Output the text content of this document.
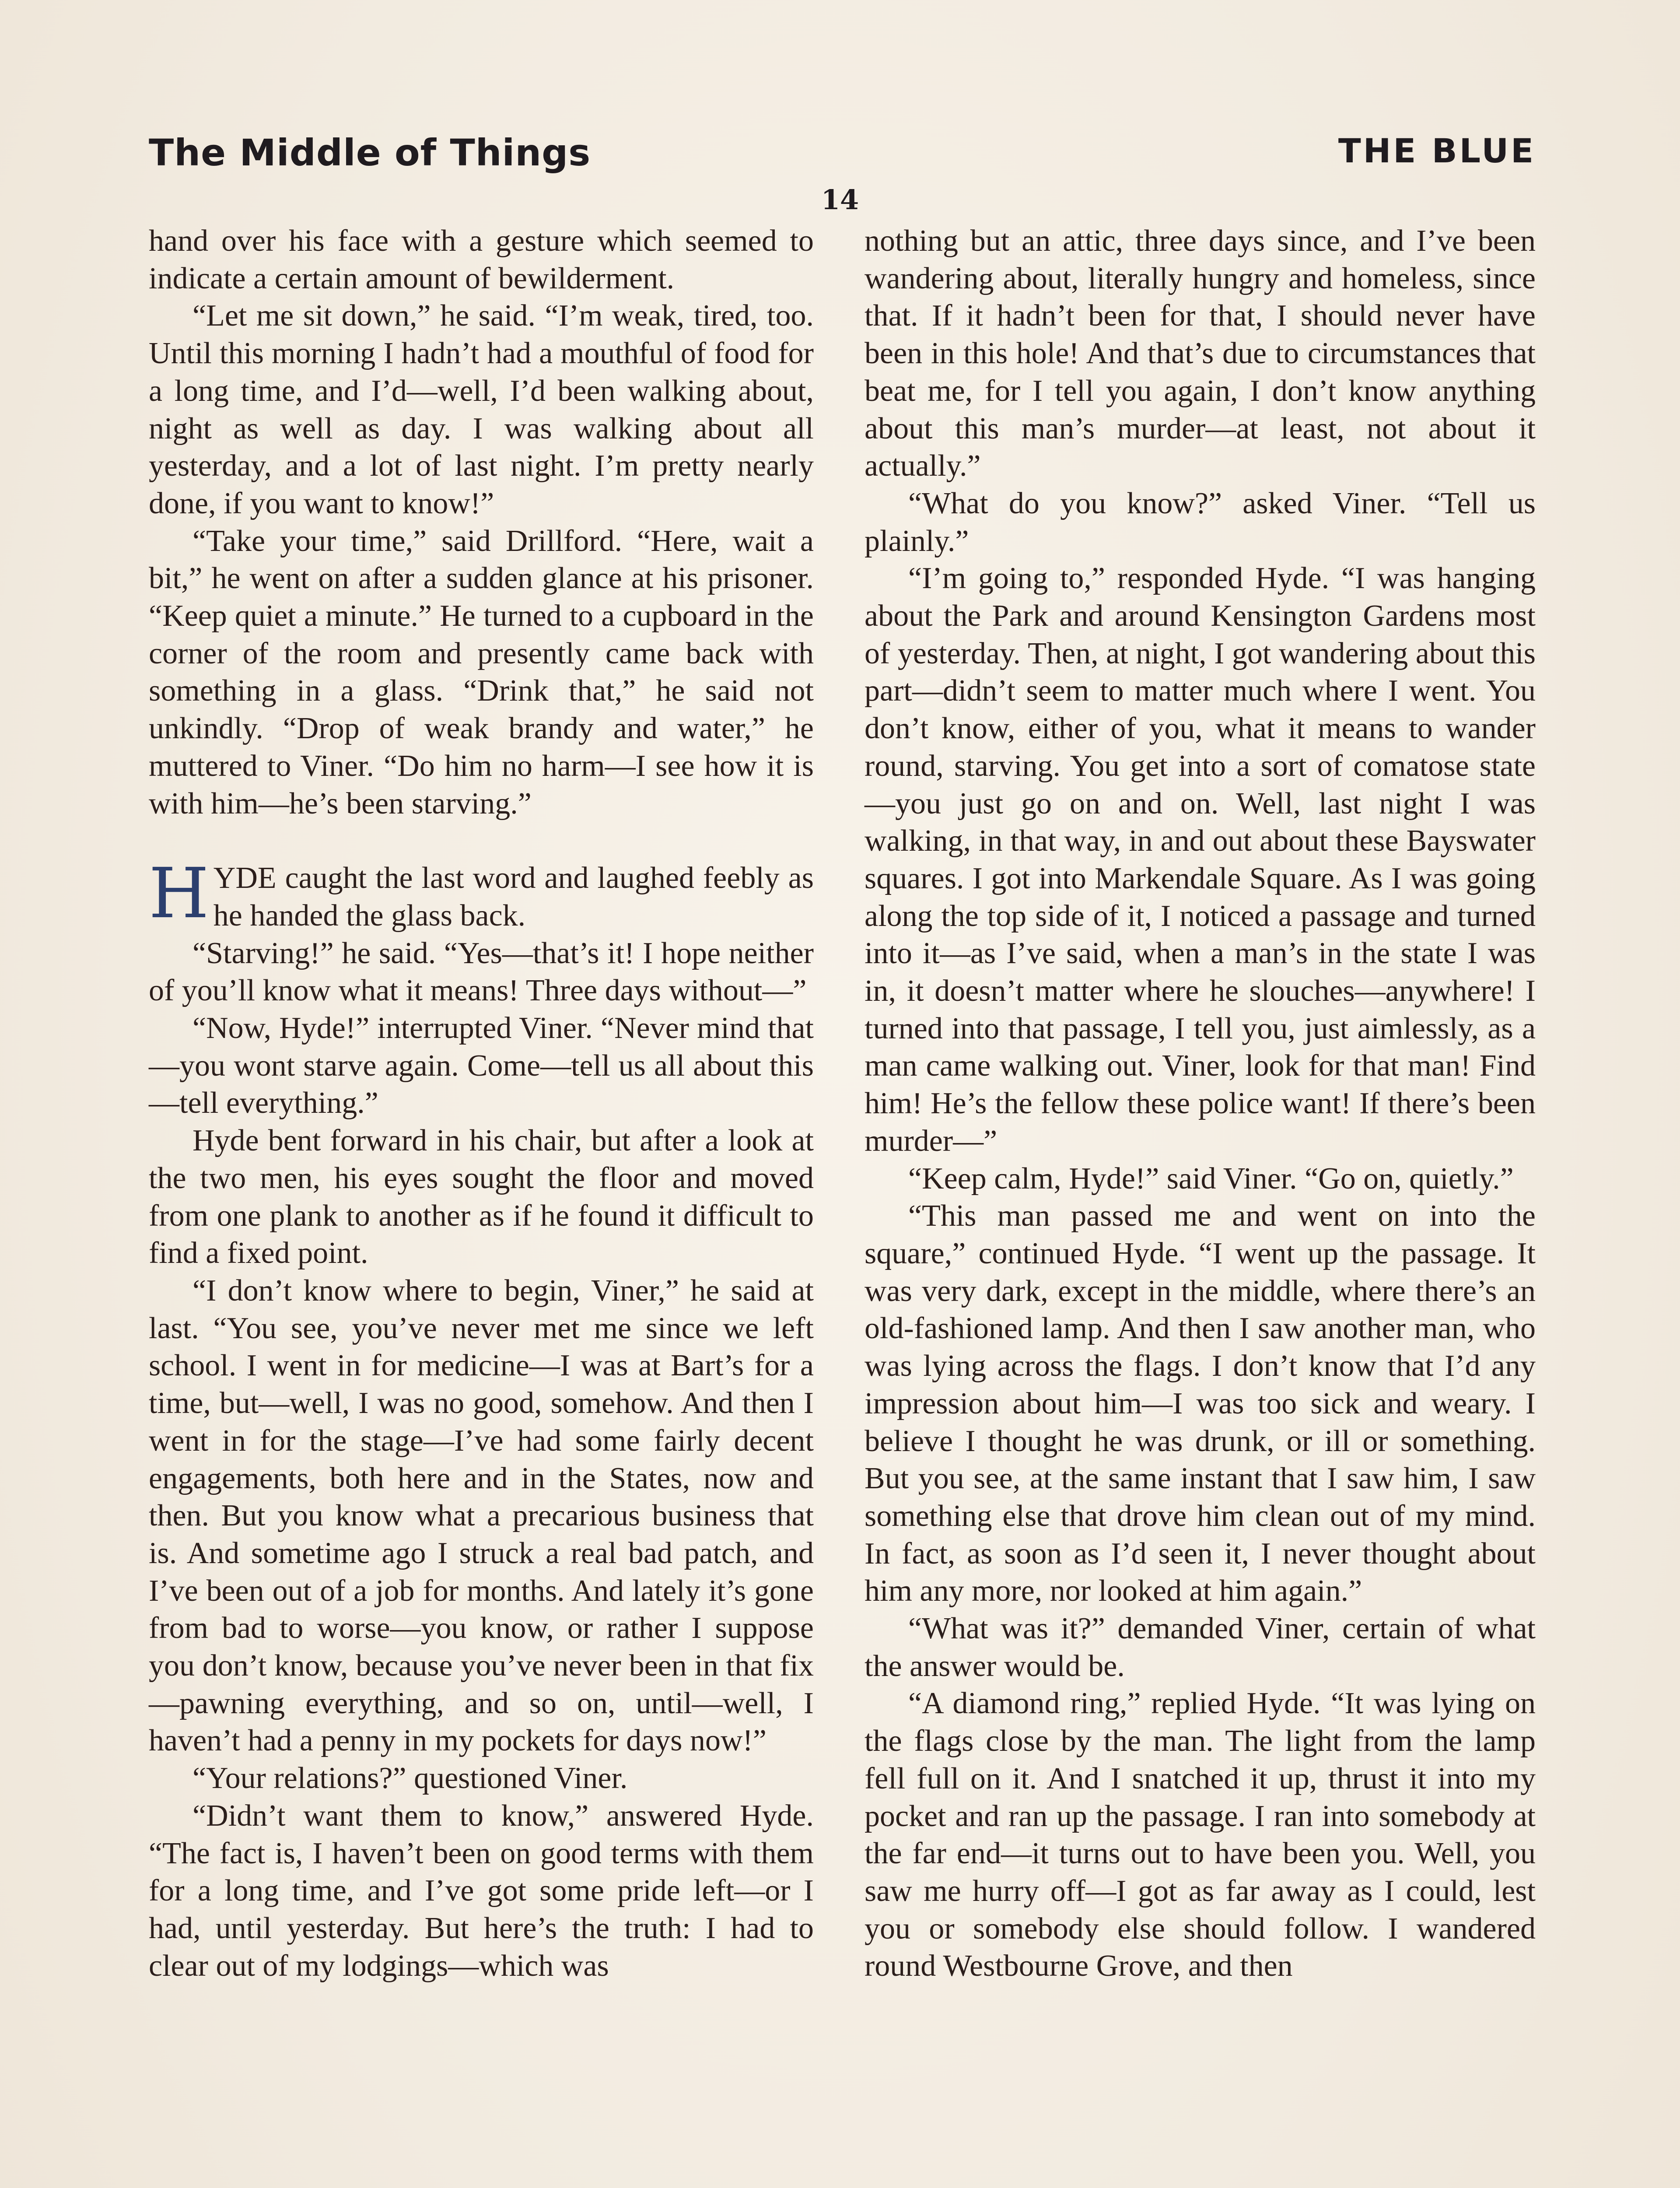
The Middle of Things	THE BLUE
14

hand over his face with a gesture which seemed to indicate a certain amount of bewilderment.

“Let me sit down,” he said. “I’m weak, tired, too. Until this morning I hadn’t had a mouthful of food for a long time, and I’d—well, I’d been walking about, night as well as day. I was walking about all yesterday, and a lot of last night. I’m pretty nearly done, if you want to know!”

“Take your time,” said Drillford. “Here, wait a bit,” he went on after a sudden glance at his prisoner. “Keep quiet a minute.” He turned to a cupboard in the corner of the room and presently came back with something in a glass. “Drink that,” he said not unkindly. “Drop of weak brandy and water,” he muttered to Viner. “Do him no harm—I see how it is with him—he’s been starving.”

HYDE caught the last word and laughed feebly as he handed the glass back.

“Starving!” he said. “Yes—that’s it! I hope neither of you’ll know what it means! Three days without—”

“Now, Hyde!” interrupted Viner. “Never mind that—you wont starve again. Come—tell us all about this—tell everything.”

Hyde bent forward in his chair, but after a look at the two men, his eyes sought the floor and moved from one plank to another as if he found it difficult to find a fixed point.

“I don’t know where to begin, Viner,” he said at last. “You see, you’ve never met me since we left school. I went in for medicine—I was at Bart’s for a time, but—well, I was no good, somehow. And then I went in for the stage—I’ve had some fairly decent engagements, both here and in the States, now and then. But you know what a precarious business that is. And sometime ago I struck a real bad patch, and I’ve been out of a job for months. And lately it’s gone from bad to worse—you know, or rather I suppose you don’t know, because you’ve never been in that fix—pawning everything, and so on, until—well, I haven’t had a penny in my pockets for days now!”

“Your relations?” questioned Viner.

“Didn’t want them to know,” answered Hyde. “The fact is, I haven’t been on good terms with them for a long time, and I’ve got some pride left—or I had, until yesterday. But here’s the truth: I had to clear out of my lodgings—which was

nothing but an attic, three days since, and I’ve been wandering about, literally hungry and homeless, since that. If it hadn’t been for that, I should never have been in this hole! And that’s due to circumstances that beat me, for I tell you again, I don’t know anything about this man’s murder—at least, not about it actually.”

“What do you know?” asked Viner. “Tell us plainly.”

“I’m going to,” responded Hyde. “I was hanging about the Park and around Kensington Gardens most of yesterday. Then, at night, I got wandering about this part—didn’t seem to matter much where I went. You don’t know, either of you, what it means to wander round, starving. You get into a sort of comatose state—you just go on and on. Well, last night I was walking, in that way, in and out about these Bayswater squares. I got into Markendale Square. As I was going along the top side of it, I noticed a passage and turned into it—as I’ve said, when a man’s in the state I was in, it doesn’t matter where he slouches—anywhere! I turned into that passage, I tell you, just aimlessly, as a man came walking out. Viner, look for that man! Find him! He’s the fellow these police want! If there’s been murder—”

“Keep calm, Hyde!” said Viner. “Go on, quietly.”

“This man passed me and went on into the square,” continued Hyde. “I went up the passage. It was very dark, except in the middle, where there’s an old-fashioned lamp. And then I saw another man, who was lying across the flags. I don’t know that I’d any impression about him—I was too sick and weary. I believe I thought he was drunk, or ill or something. But you see, at the same instant that I saw him, I saw something else that drove him clean out of my mind. In fact, as soon as I’d seen it, I never thought about him any more, nor looked at him again.”

“What was it?” demanded Viner, certain of what the answer would be.

“A diamond ring,” replied Hyde. “It was lying on the flags close by the man. The light from the lamp fell full on it. And I snatched it up, thrust it into my pocket and ran up the passage. I ran into somebody at the far end—it turns out to have been you. Well, you saw me hurry off—I got as far away as I could, lest you or somebody else should follow. I wandered round Westbourne Grove, and then
